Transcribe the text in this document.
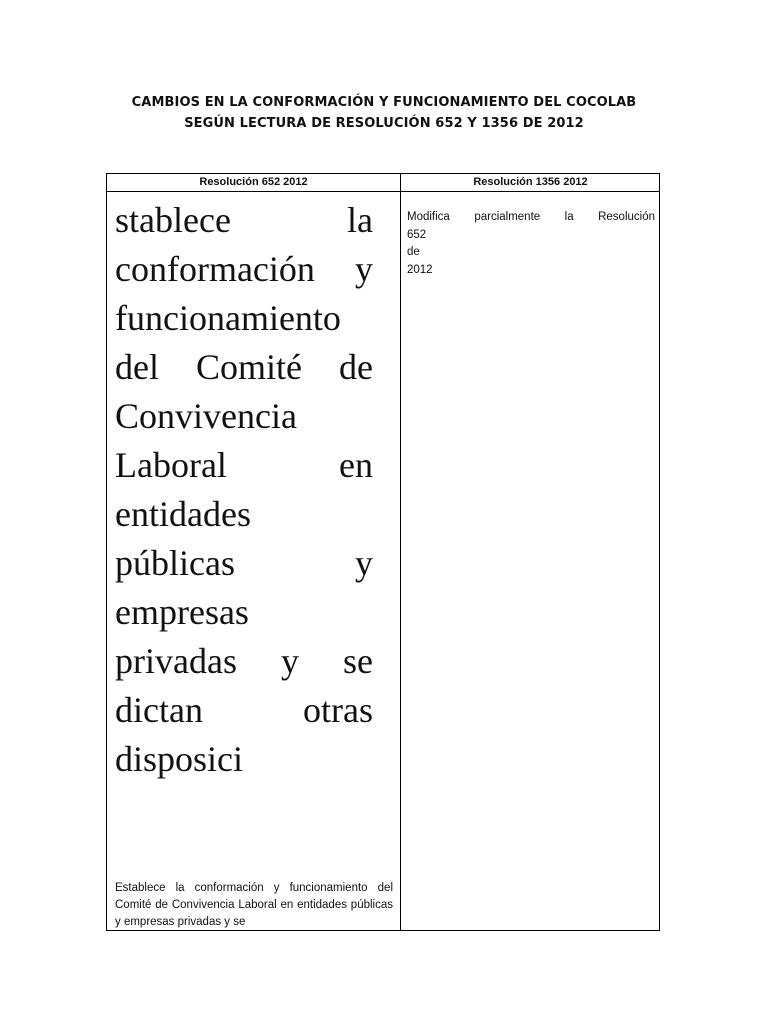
CAMBIOS EN LA CONFORMACIÓN Y FUNCIONAMIENTO DEL COCOLAB
SEGÚN LECTURA DE RESOLUCIÓN 652 Y 1356 DE 2012
Resolución 652 2012	Resolución 1356 2012
stablece la conformación y funcionamiento del Comité de Convivencia Laboral en entidades públicas y empresas privadas y se dictan otras disposici
Establece la conformación y funcionamiento del Comité de Convivencia Laboral en entidades públicas y empresas privadas y se
Modifica parcialmente la Resolución
652 de
2012
